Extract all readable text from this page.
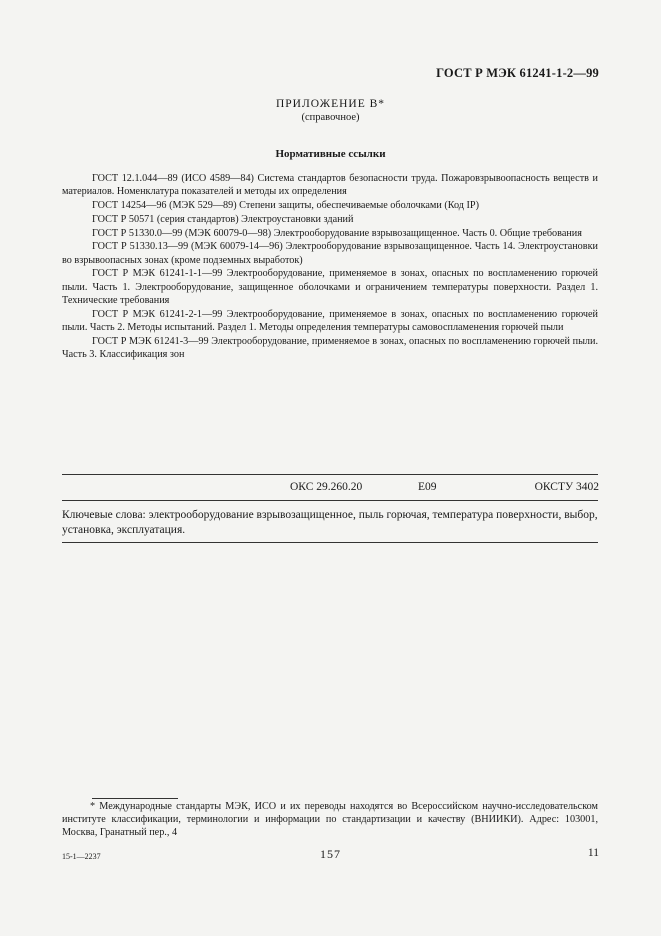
ГОСТ Р МЭК 61241-1-2—99
ПРИЛОЖЕНИЕ В*
(справочное)
Нормативные ссылки

ГОСТ 12.1.044—89 (ИСО 4589—84) Система стандартов безопасности труда. Пожаровзрывоопасность веществ и материалов. Номенклатура показателей и методы их определения

ГОСТ 14254—96 (МЭК 529—89) Степени защиты, обеспечиваемые оболочками (Код IP)

ГОСТ Р 50571 (серия стандартов) Электроустановки зданий

ГОСТ Р 51330.0—99 (МЭК 60079-0—98) Электрооборудование взрывозащищенное. Часть 0. Общие требования

ГОСТ Р 51330.13—99 (МЭК 60079-14—96) Электрооборудование взрывозащищенное. Часть 14. Электроустановки во взрывоопасных зонах (кроме подземных выработок)

ГОСТ Р МЭК 61241-1-1—99 Электрооборудование, применяемое в зонах, опасных по воспламенению горючей пыли. Часть 1. Электрооборудование, защищенное оболочками и ограничением температуры поверхности. Раздел 1. Технические требования

ГОСТ Р МЭК 61241-2-1—99 Электрооборудование, применяемое в зонах, опасных по воспламенению горючей пыли. Часть 2. Методы испытаний. Раздел 1. Методы определения температуры самовоспламенения горючей пыли

ГОСТ Р МЭК 61241-3—99 Электрооборудование, применяемое в зонах, опасных по воспламенению горючей пыли. Часть 3. Классификация зон

ОКС 29.260.20	Е09	ОКСТУ 3402
Ключевые слова: электрооборудование взрывозащищенное, пыль горючая, температура поверхности, выбор, установка, эксплуатация.
* Международные стандарты МЭК, ИСО и их переводы находятся во Всероссийском научно-исследовательском институте классификации, терминологии и информации по стандартизации и качеству (ВНИИКИ). Адрес: 103001, Москва, Гранатный пер., 4
15-1—2237	157	11
